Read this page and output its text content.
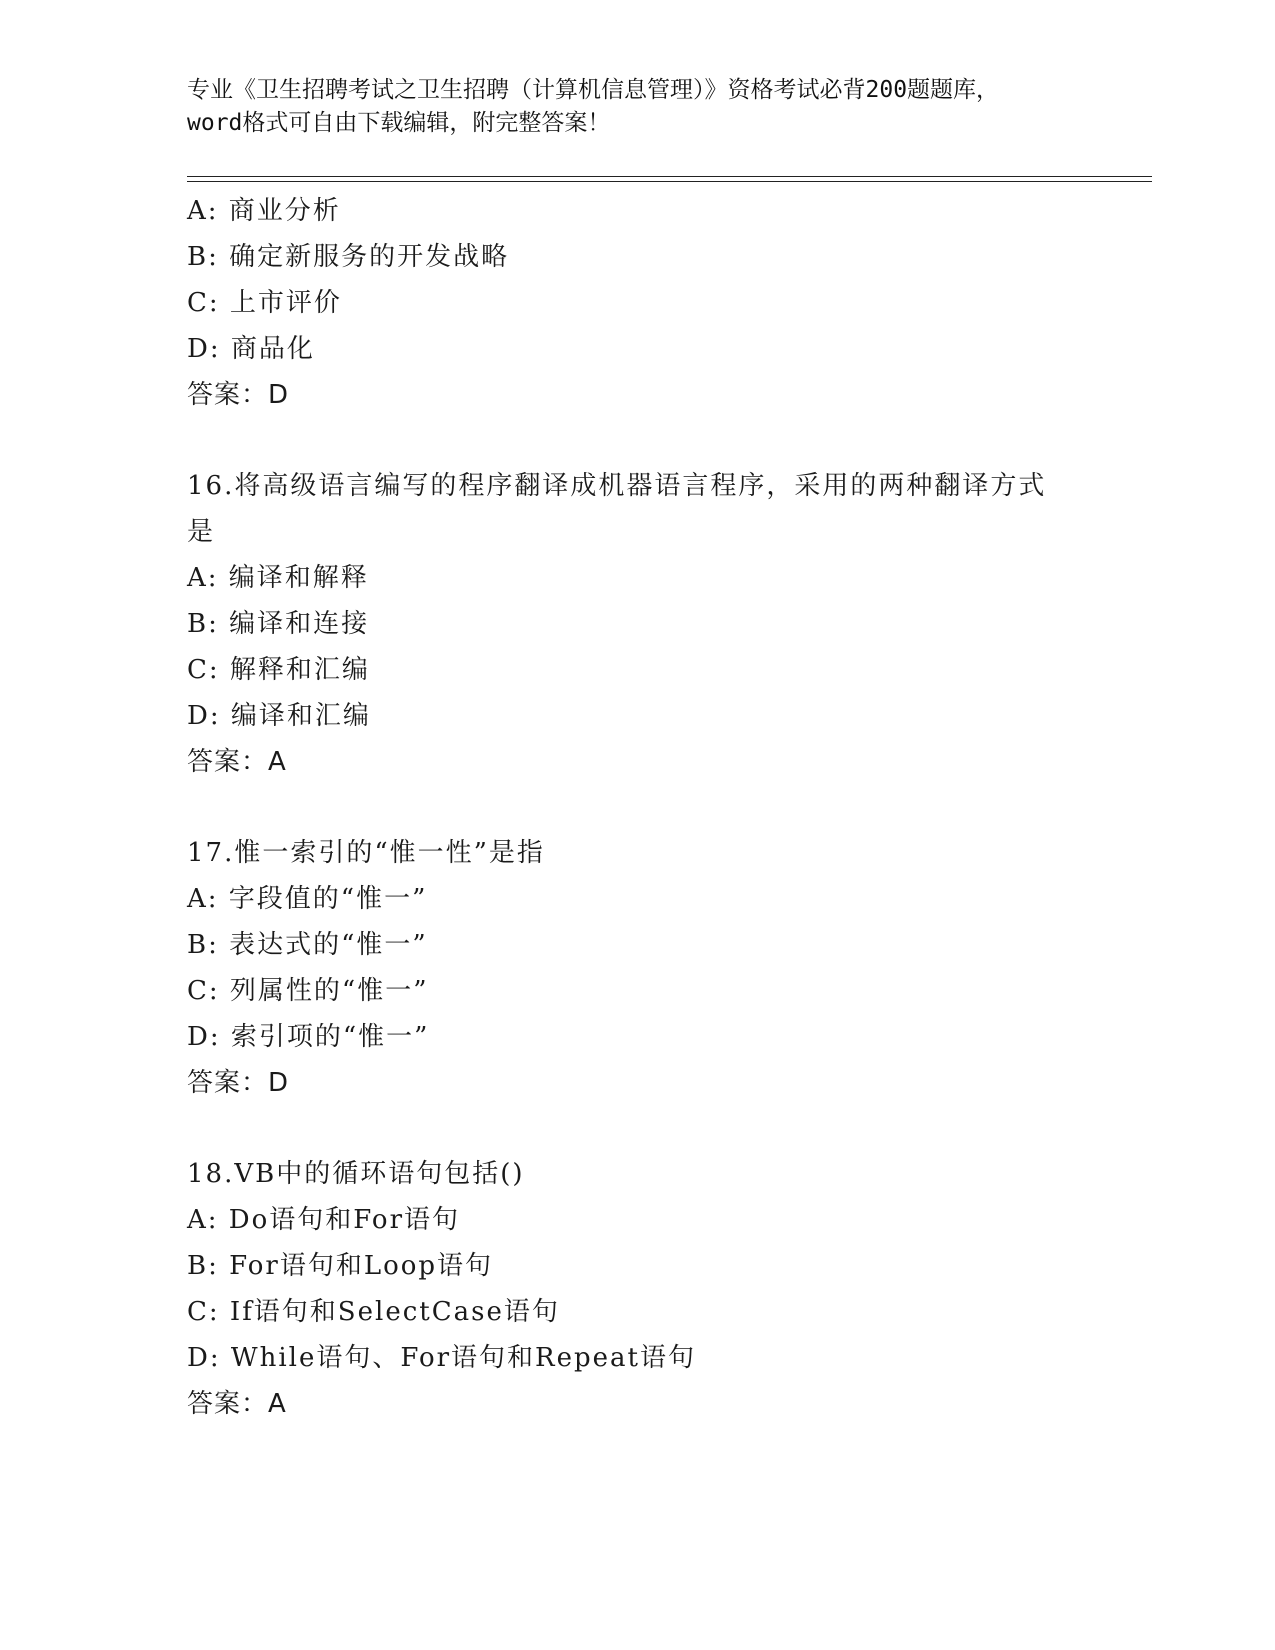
专业《卫生招聘考试之卫生招聘（计算机信息管理）》资格考试必背200题题库，
word格式可自由下载编辑，附完整答案！
A: 商业分析
B: 确定新服务的开发战略
C: 上市评价
D: 商品化
答案：D
16.将高级语言编写的程序翻译成机器语言程序，采用的两种翻译方式
是
A: 编译和解释
B: 编译和连接
C: 解释和汇编
D: 编译和汇编
答案：A
17.惟一索引的“惟一性”是指
A: 字段值的“惟一”
B: 表达式的“惟一”
C: 列属性的“惟一”
D: 索引项的“惟一”
答案：D
18.VB中的循环语句包括()
A: Do语句和For语句
B: For语句和Loop语句
C: If语句和SelectCase语句
D: While语句、For语句和Repeat语句
答案：A
